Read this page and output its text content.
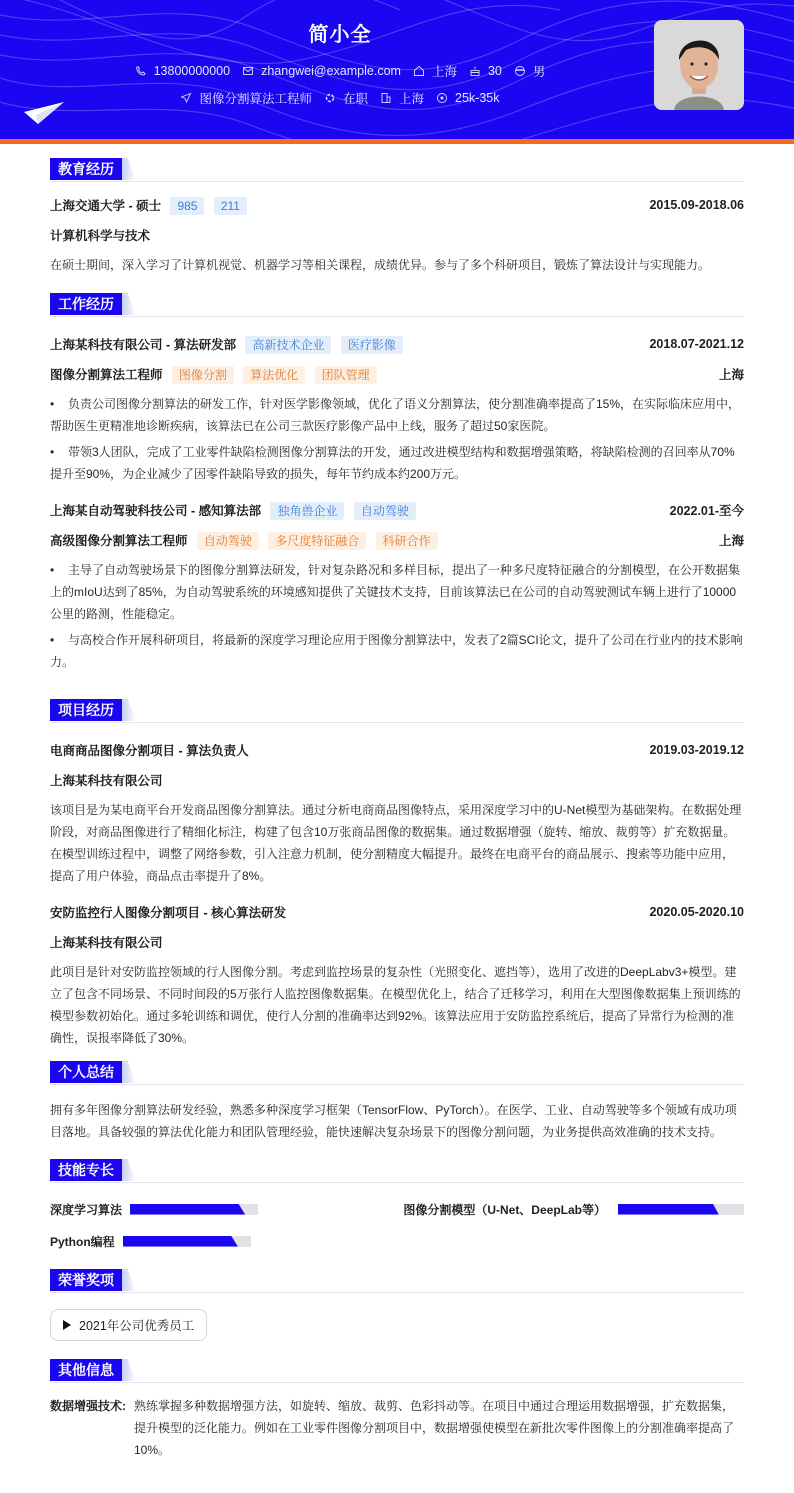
简小全
13800000000 zhangwei@example.com 上海 30 男
图像分割算法工程师 在职 上海 25k-35k
教育经历
上海交通大学 - 硕士 985 211	2015.09-2018.06
计算机科学与技术
在硕士期间，深入学习了计算机视觉、机器学习等相关课程，成绩优异。参与了多个科研项目，锻炼了算法设计与实现能力。
工作经历
上海某科技有限公司 - 算法研发部 高新技术企业 医疗影像	2018.07-2021.12
图像分割算法工程师 图像分割 算法优化 团队管理	上海
• 负责公司图像分割算法的研发工作，针对医学影像领域，优化了语义分割算法，使分割准确率提高了15%，在实际临床应用中，帮助医生更精准地诊断疾病，该算法已在公司三款医疗影像产品中上线，服务了超过50家医院。
• 带领3人团队，完成了工业零件缺陷检测图像分割算法的开发，通过改进模型结构和数据增强策略，将缺陷检测的召回率从70%提升至90%，为企业减少了因零件缺陷导致的损失，每年节约成本约200万元。
上海某自动驾驶科技公司 - 感知算法部 独角兽企业 自动驾驶	2022.01-至今
高级图像分割算法工程师 自动驾驶 多尺度特征融合 科研合作	上海
• 主导了自动驾驶场景下的图像分割算法研发，针对复杂路况和多样目标，提出了一种多尺度特征融合的分割模型，在公开数据集上的mIoU达到了85%，为自动驾驶系统的环境感知提供了关键技术支持，目前该算法已在公司的自动驾驶测试车辆上进行了10000公里的路测，性能稳定。
• 与高校合作开展科研项目，将最新的深度学习理论应用于图像分割算法中，发表了2篇SCI论文，提升了公司在行业内的技术影响力。
项目经历
电商商品图像分割项目 - 算法负责人	2019.03-2019.12
上海某科技有限公司
该项目是为某电商平台开发商品图像分割算法。通过分析电商商品图像特点，采用深度学习中的U-Net模型为基础架构。在数据处理阶段，对商品图像进行了精细化标注，构建了包含10万张商品图像的数据集。通过数据增强（旋转、缩放、裁剪等）扩充数据量。在模型训练过程中，调整了网络参数，引入注意力机制，使分割精度大幅提升。最终在电商平台的商品展示、搜索等功能中应用，提高了用户体验，商品点击率提升了8%。
安防监控行人图像分割项目 - 核心算法研发	2020.05-2020.10
上海某科技有限公司
此项目是针对安防监控领域的行人图像分割。考虑到监控场景的复杂性（光照变化、遮挡等），选用了改进的DeepLabv3+模型。建立了包含不同场景、不同时间段的5万张行人监控图像数据集。在模型优化上，结合了迁移学习，利用在大型图像数据集上预训练的模型参数初始化。通过多轮训练和调优，使行人分割的准确率达到92%。该算法应用于安防监控系统后，提高了异常行为检测的准确性，误报率降低了30%。
个人总结
拥有多年图像分割算法研发经验，熟悉多种深度学习框架（TensorFlow、PyTorch）。在医学、工业、自动驾驶等多个领域有成功项目落地。具备较强的算法优化能力和团队管理经验，能快速解决复杂场景下的图像分割问题，为业务提供高效准确的技术支持。
技能专长
深度学习算法	图像分割模型（U-Net、DeepLab等）
Python编程
荣誉奖项
2021年公司优秀员工
其他信息
数据增强技术: 熟练掌握多种数据增强方法，如旋转、缩放、裁剪、色彩抖动等。在项目中通过合理运用数据增强，扩充数据集，提升模型的泛化能力。例如在工业零件图像分割项目中，数据增强使模型在新批次零件图像上的分割准确率提高了10%。
